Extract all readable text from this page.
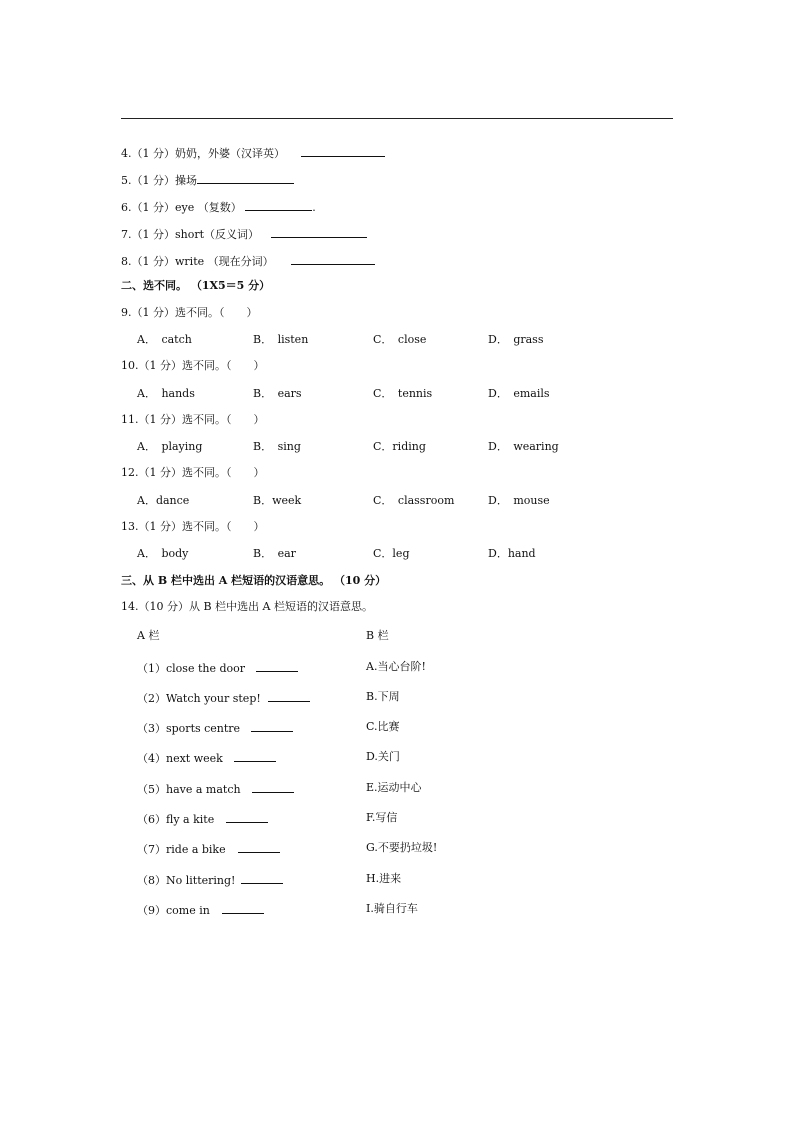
4.（1 分）奶奶，外婆（汉译英）
5.（1 分）操场
6.（1 分）eye （复数）	.
7.（1 分）short（反义词）
8.（1 分）write （现在分词）
二、选不同。 （1X5＝5 分）
9.（1 分）选不同。（　　）
A．　catch	B．　listen	C．　close	D．　grass
10.（1 分）选不同。（　　）
A．　hands	B．　ears	C．　tennis	D．　emails
11.（1 分）选不同。（　　）
A．　playing	B．　sing	C．riding	D．　wearing
12.（1 分）选不同。（　　）
A．dance	B．week	C．　classroom	D．　mouse
13.（1 分）选不同。（　　）
A．　body	B．　ear	C．leg	D．hand
三、从 B 栏中选出 A 栏短语的汉语意思。 （10 分）
14.（10 分）从 B 栏中选出 A 栏短语的汉语意思。
A 栏	B 栏
（1）close the door	A.当心台阶!
（2）Watch your step!	B.下周
（3）sports centre	C.比赛
（4）next week	D.关门
（5）have a match	E.运动中心
（6）fly a kite	F.写信
（7）ride a bike	G.不要扔垃圾!
（8）No littering!	H.进来
（9）come in	I.骑自行车
